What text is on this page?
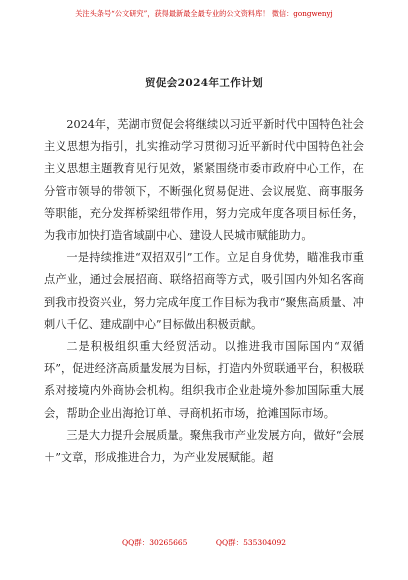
关注头条号“公文研究”，获得最新最全最专业的公文资料库！ 微信：gongwenyj
贸促会2024年工作计划

2024年，芜湖市贸促会将继续以习近平新时代中国特色社会主义思想为指引，扎实推动学习贯彻习近平新时代中国特色社会主义思想主题教育见行见效，紧紧围绕市委市政府中心工作，在分管市领导的带领下，不断强化贸易促进、会议展览、商事服务等职能，充分发挥桥梁纽带作用，努力完成年度各项目标任务，为我市加快打造省域副中心、建设人民城市赋能助力。

一是持续推进“双招双引”工作。立足自身优势，瞄准我市重点产业，通过会展招商、联络招商等方式，吸引国内外知名客商到我市投资兴业，努力完成年度工作目标为我市“聚焦高质量、冲刺八千亿、建成副中心”目标做出积极贡献。

二是积极组织重大经贸活动。以推进我市国际国内“双循环”，促进经济高质量发展为目标，打造内外贸联通平台，积极联系对接境内外商协会机构。组织我市企业赴境外参加国际重大展会，帮助企业出海抢订单、寻商机拓市场，抢滩国际市场。

三是大力提升会展质量。聚焦我市产业发展方向，做好“会展＋”文章，形成推进合力，为产业发展赋能。超

QQ群：30265665	QQ群：535304092
